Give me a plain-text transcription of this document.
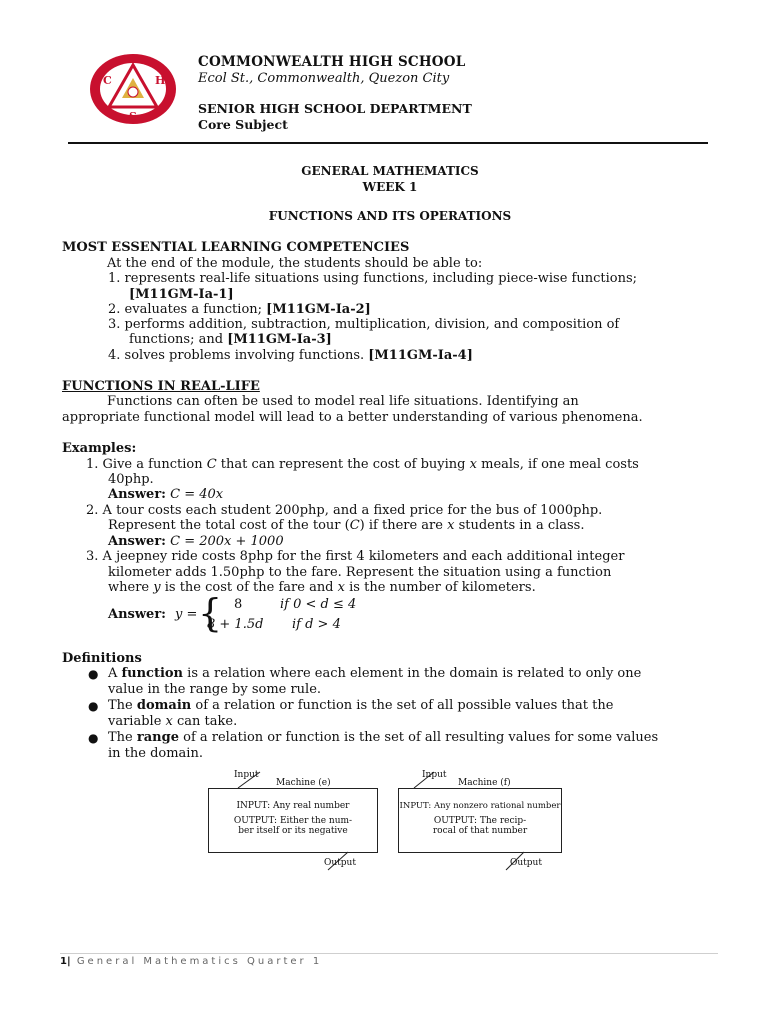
C	H
S
COMMONWEALTH HIGH SCHOOL
Ecol St., Commonwealth, Quezon City
SENIOR HIGH SCHOOL DEPARTMENT
Core Subject
GENERAL MATHEMATICS
WEEK 1
FUNCTIONS AND ITS OPERATIONS
MOST ESSENTIAL LEARNING COMPETENCIES
At the end of the module, the students should be able to:
1. represents real-life situations using functions, including piece-wise functions;
[M11GM-Ia-1]
2. evaluates a function; [M11GM-Ia-2]
3. performs addition, subtraction, multiplication, division, and composition of
functions; and [M11GM-Ia-3]
4. solves problems involving functions. [M11GM-Ia-4]
FUNCTIONS IN REAL-LIFE
Functions can often be used to model real life situations. Identifying an
appropriate functional model will lead to a better understanding of various phenomena.
Examples:
1. Give a function C that can represent the cost of buying x meals, if one meal costs
40php.
Answer: C = 40x
2. A tour costs each student 200php, and a fixed price for the bus of 1000php.
Represent the total cost of the tour (C) if there are x students in a class.
Answer: C = 200x + 1000
3. A jeepney ride costs 8php for the first 4 kilometers and each additional integer
kilometer adds 1.50php to the fare. Represent the situation using a function
where y is the cost of the fare and x is the number of kilometers.
Answer: y = { 8	if 0 < d ≤ 4
8 + 1.5d if d > 4
Definitions
● A function is a relation where each element in the domain is related to only one
value in the range by some rule.
● The domain of a relation or function is the set of all possible values that the
variable x can take.
● The range of a relation or function is the set of all resulting values for some values
in the domain.
Input
Machine (e)
INPUT: Any real number
OUTPUT: Either the num-
ber itself or its negative
Output
Input
Machine (f)
INPUT: Any nonzero rational number
OUTPUT: The recip-
rocal of that number
Output
1| General Mathematics Quarter 1
